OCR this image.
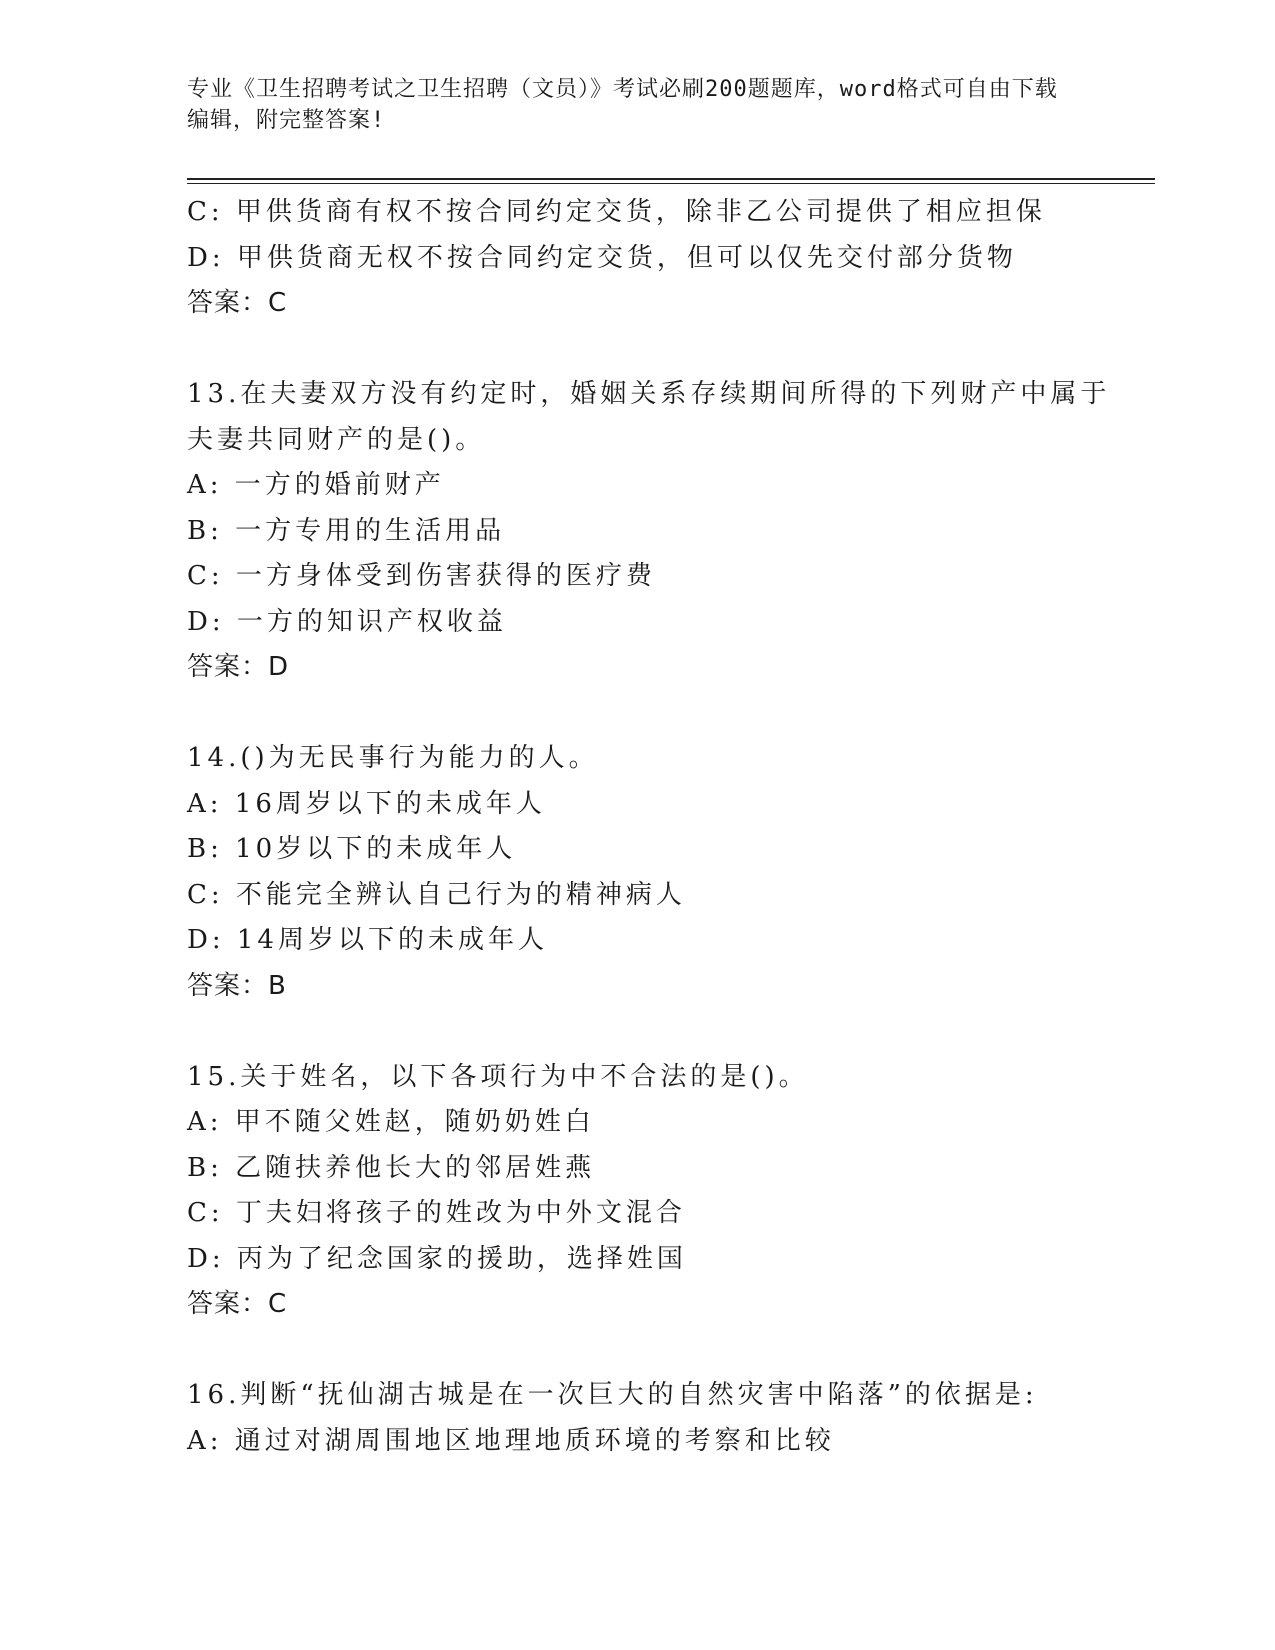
专业《卫生招聘考试之卫生招聘（文员）》考试必刷200题题库，word格式可自由下载编辑，附完整答案!
C: 甲供货商有权不按合同约定交货，除非乙公司提供了相应担保
D: 甲供货商无权不按合同约定交货，但可以仅先交付部分货物
答案：C
13.在夫妻双方没有约定时，婚姻关系存续期间所得的下列财产中属于
夫妻共同财产的是()。
A: 一方的婚前财产
B: 一方专用的生活用品
C: 一方身体受到伤害获得的医疗费
D: 一方的知识产权收益
答案：D
14.()为无民事行为能力的人。
A: 16周岁以下的未成年人
B: 10岁以下的未成年人
C: 不能完全辨认自己行为的精神病人
D: 14周岁以下的未成年人
答案：B
15.关于姓名，以下各项行为中不合法的是()。
A: 甲不随父姓赵，随奶奶姓白
B: 乙随扶养他长大的邻居姓燕
C: 丁夫妇将孩子的姓改为中外文混合
D: 丙为了纪念国家的援助，选择姓国
答案：C
16.判断“抚仙湖古城是在一次巨大的自然灾害中陷落”的依据是:
A: 通过对湖周围地区地理地质环境的考察和比较
